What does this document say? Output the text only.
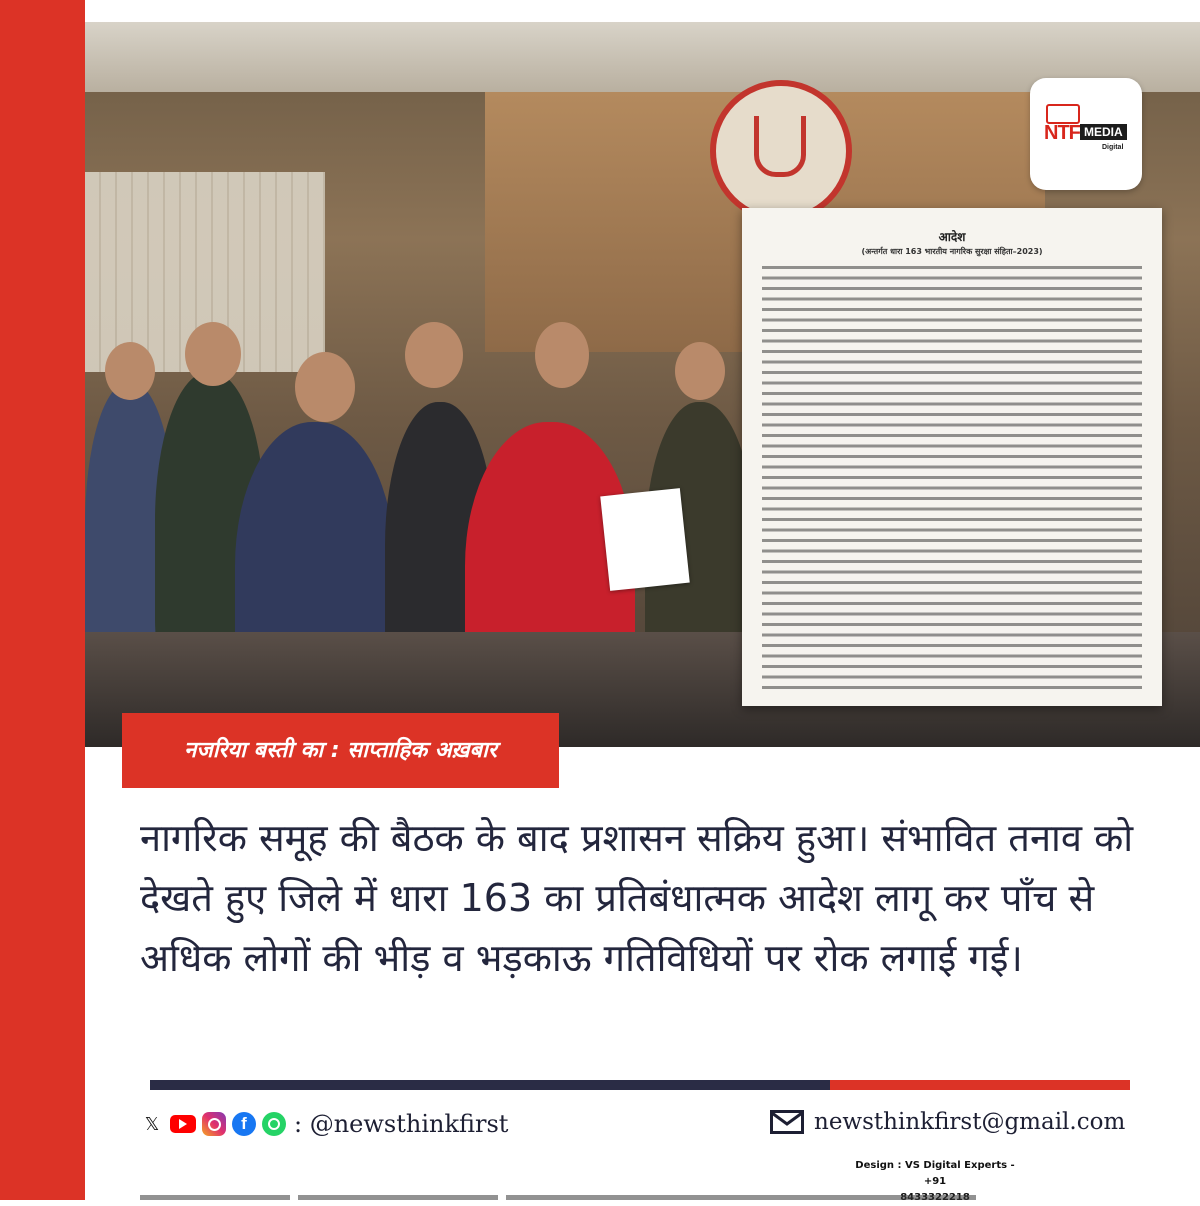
NTF MEDIA
Digital
आदेश
(अन्तर्गत धारा 163 भारतीय नागरिक सुरक्षा संहिता–2023)
नजरिया बस्ती का : साप्ताहिक अख़बार

नागरिक समूह की बैठक के बाद प्रशासन सक्रिय हुआ। संभावित तनाव को देखते हुए जिले में धारा 163 का प्रतिबंधात्मक आदेश लागू कर पाँच से अधिक लोगों की भीड़ व भड़काऊ गतिविधियों पर रोक लगाई गई।

𝕏	f	: @newsthinkfirst	newsthinkfirst@gmail.com

Design : VS Digital Experts - +91
